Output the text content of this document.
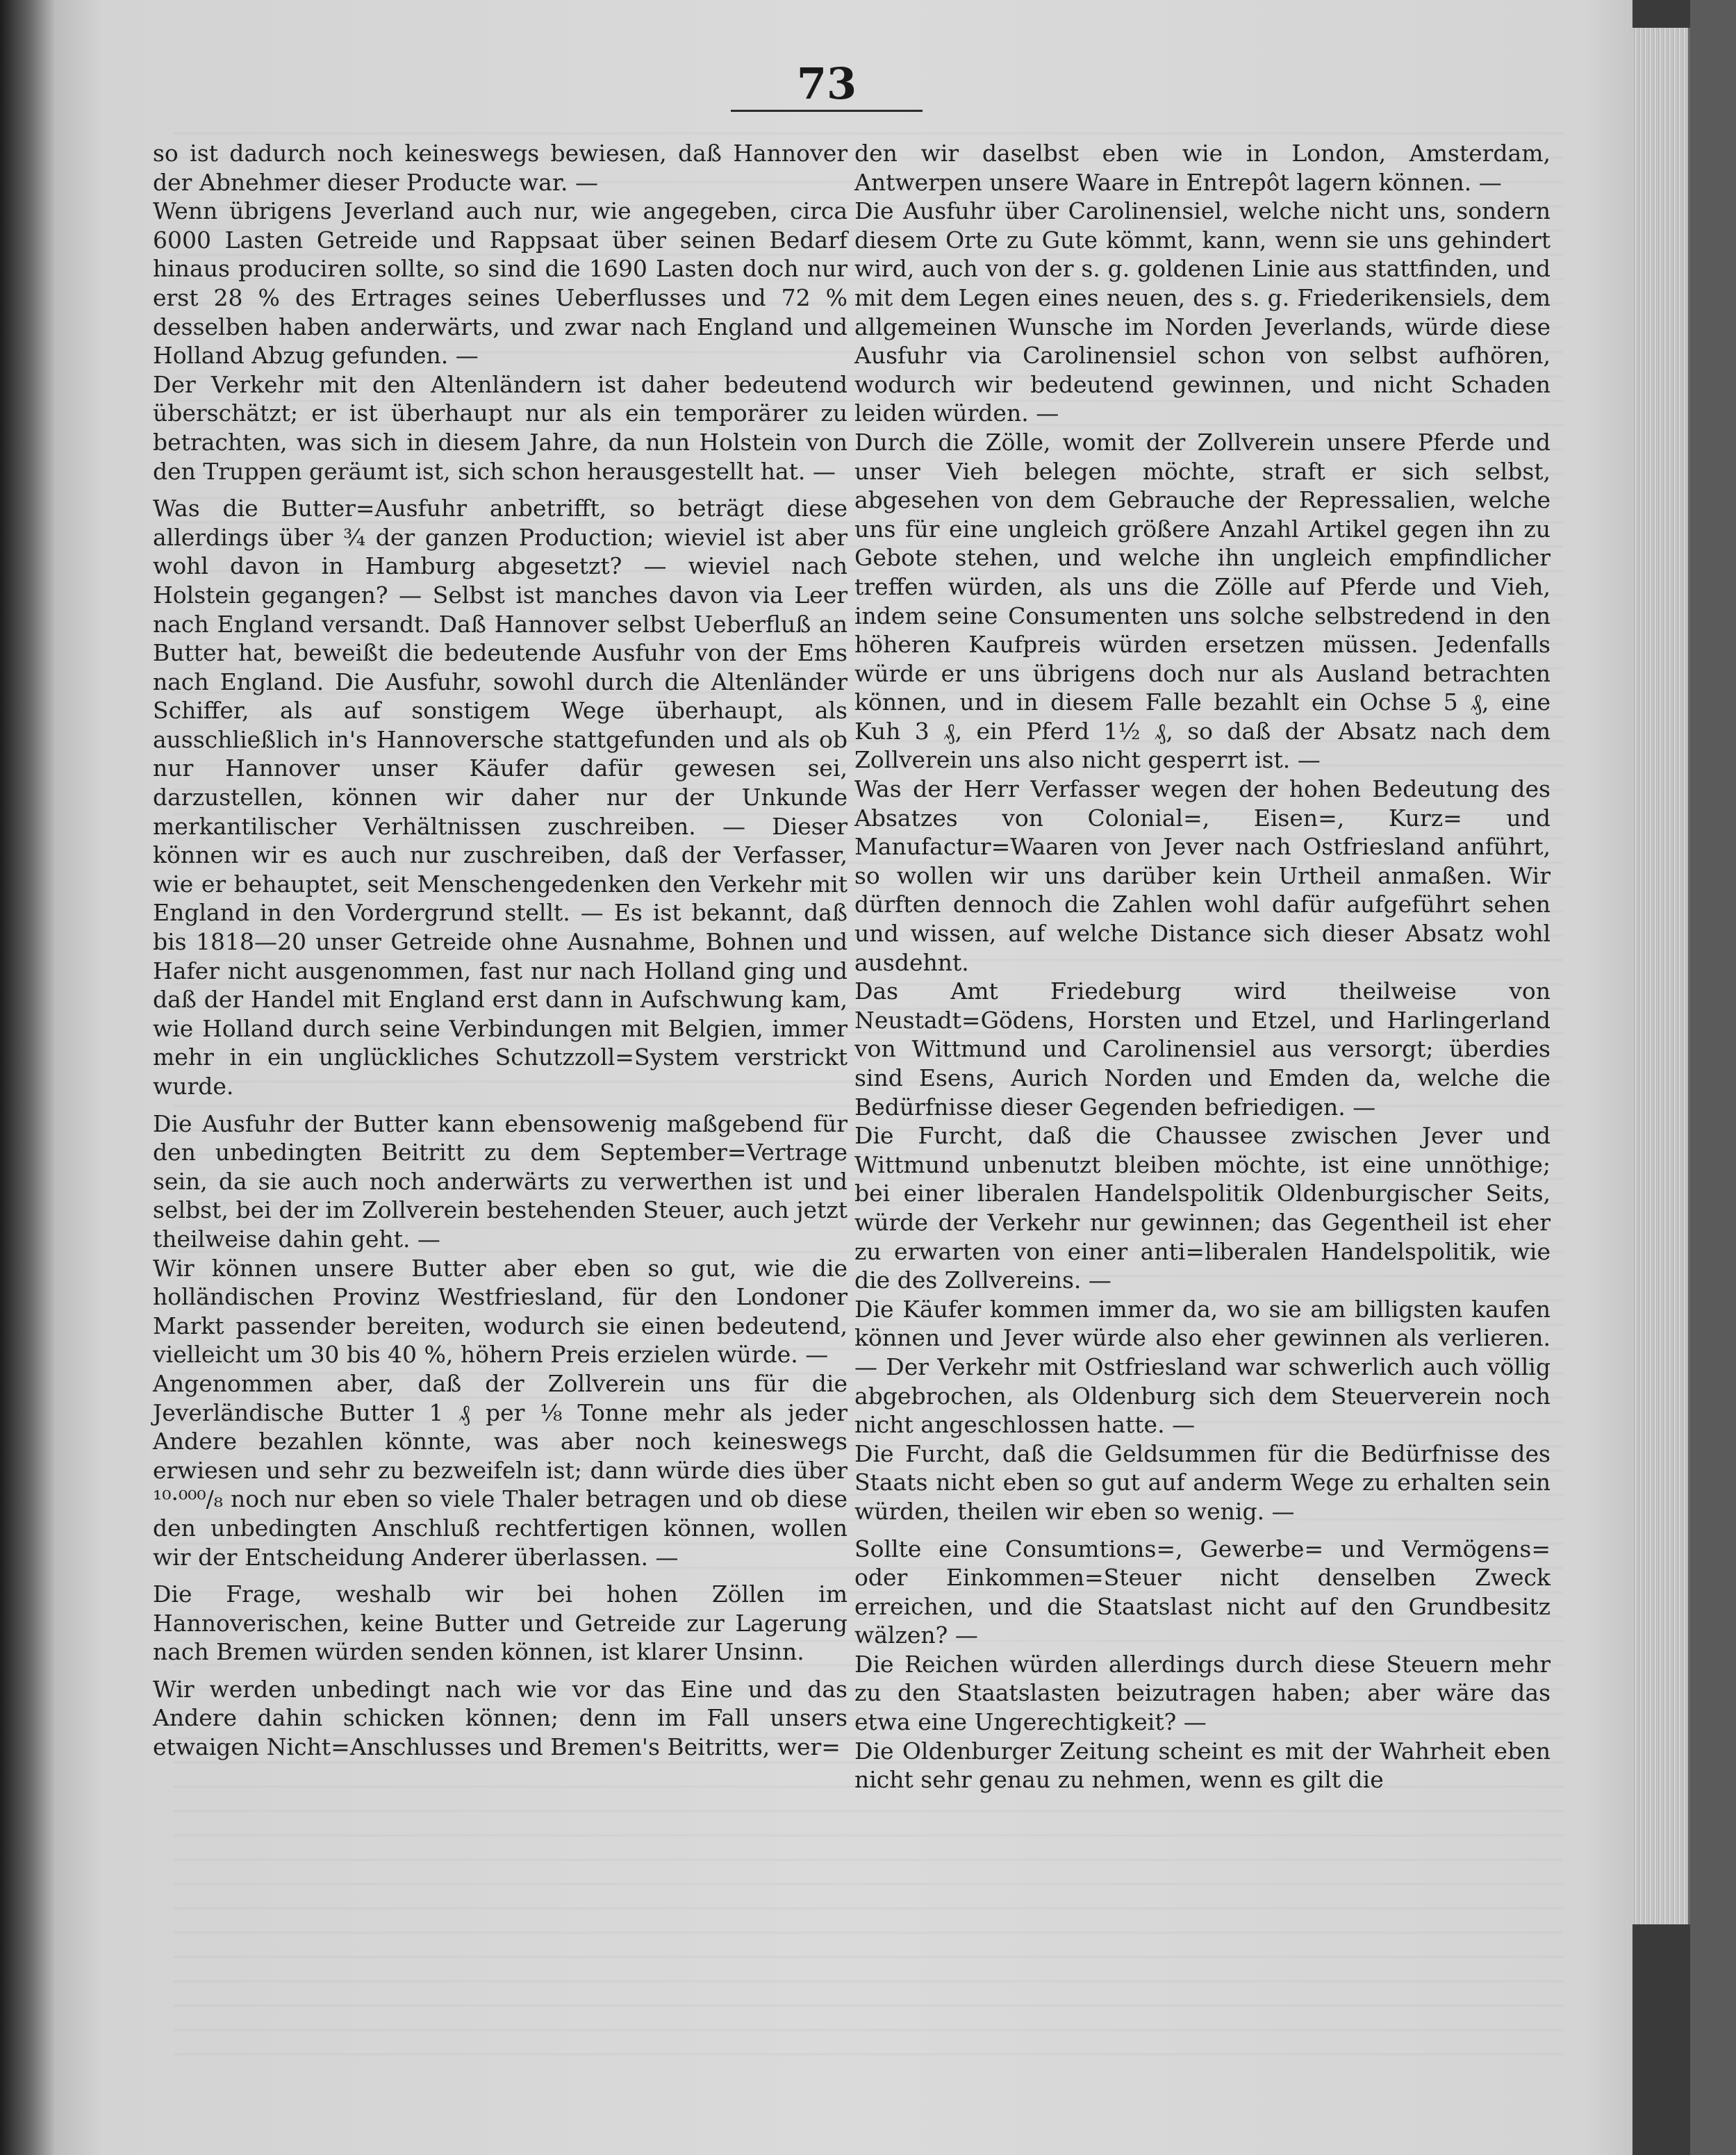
73

so ist dadurch noch keineswegs bewiesen, daß Hannover der Abnehmer dieser Producte war. —

Wenn übrigens Jeverland auch nur, wie angegeben, circa 6000 Lasten Getreide und Rappsaat über seinen Bedarf hinaus produciren sollte, so sind die 1690 Lasten doch nur erst 28 % des Ertrages seines Ueberflusses und 72 % desselben haben anderwärts, und zwar nach England und Holland Abzug gefunden. —

Der Verkehr mit den Altenländern ist daher bedeutend überschätzt; er ist überhaupt nur als ein temporärer zu betrachten, was sich in diesem Jahre, da nun Holstein von den Truppen geräumt ist, sich schon herausgestellt hat. —

Was die Butter=Ausfuhr anbetrifft, so beträgt diese allerdings über ¾ der ganzen Production; wieviel ist aber wohl davon in Hamburg abgesetzt? — wieviel nach Holstein gegangen? — Selbst ist manches davon via Leer nach England versandt. Daß Hannover selbst Ueberfluß an Butter hat, beweißt die bedeutende Ausfuhr von der Ems nach England. Die Ausfuhr, sowohl durch die Altenländer Schiffer, als auf sonstigem Wege überhaupt, als ausschließlich in's Hannoversche stattgefunden und als ob nur Hannover unser Käufer dafür gewesen sei, darzustellen, können wir daher nur der Unkunde merkantilischer Verhältnissen zuschreiben. — Dieser können wir es auch nur zuschreiben, daß der Verfasser, wie er behauptet, seit Menschengedenken den Verkehr mit England in den Vordergrund stellt. — Es ist bekannt, daß bis 1818—20 unser Getreide ohne Ausnahme, Bohnen und Hafer nicht ausgenommen, fast nur nach Holland ging und daß der Handel mit England erst dann in Aufschwung kam, wie Holland durch seine Verbindungen mit Belgien, immer mehr in ein unglückliches Schutzzoll=System verstrickt wurde.

Die Ausfuhr der Butter kann ebensowenig maßgebend für den unbedingten Beitritt zu dem September=Vertrage sein, da sie auch noch anderwärts zu verwerthen ist und selbst, bei der im Zollverein bestehenden Steuer, auch jetzt theilweise dahin geht. —

Wir können unsere Butter aber eben so gut, wie die holländischen Provinz Westfriesland, für den Londoner Markt passender bereiten, wodurch sie einen bedeutend, vielleicht um 30 bis 40 %, höhern Preis erzielen würde. —

Angenommen aber, daß der Zollverein uns für die Jeverländische Butter 1 ₰ per ⅛ Tonne mehr als jeder Andere bezahlen könnte, was aber noch keineswegs erwiesen und sehr zu bezweifeln ist; dann würde dies über ¹⁰·⁰⁰⁰/₈ noch nur eben so viele Thaler betragen und ob diese den unbedingten Anschluß rechtfertigen können, wollen wir der Entscheidung Anderer überlassen. —

Die Frage, weshalb wir bei hohen Zöllen im Hannoverischen, keine Butter und Getreide zur Lagerung nach Bremen würden senden können, ist klarer Unsinn.

Wir werden unbedingt nach wie vor das Eine und das Andere dahin schicken können; denn im Fall unsers etwaigen Nicht=Anschlusses und Bremen's Beitritts, wer=

den wir daselbst eben wie in London, Amsterdam, Antwerpen unsere Waare in Entrepôt lagern können. —

Die Ausfuhr über Carolinensiel, welche nicht uns, sondern diesem Orte zu Gute kömmt, kann, wenn sie uns gehindert wird, auch von der s. g. goldenen Linie aus stattfinden, und mit dem Legen eines neuen, des s. g. Friederikensiels, dem allgemeinen Wunsche im Norden Jeverlands, würde diese Ausfuhr via Carolinensiel schon von selbst aufhören, wodurch wir bedeutend gewinnen, und nicht Schaden leiden würden. —

Durch die Zölle, womit der Zollverein unsere Pferde und unser Vieh belegen möchte, straft er sich selbst, abgesehen von dem Gebrauche der Repressalien, welche uns für eine ungleich größere Anzahl Artikel gegen ihn zu Gebote stehen, und welche ihn ungleich empfindlicher treffen würden, als uns die Zölle auf Pferde und Vieh, indem seine Consumenten uns solche selbstredend in den höheren Kaufpreis würden ersetzen müssen. Jedenfalls würde er uns übrigens doch nur als Ausland betrachten können, und in diesem Falle bezahlt ein Ochse 5 ₰, eine Kuh 3 ₰, ein Pferd 1½ ₰, so daß der Absatz nach dem Zollverein uns also nicht gesperrt ist. —

Was der Herr Verfasser wegen der hohen Bedeutung des Absatzes von Colonial=, Eisen=, Kurz= und Manufactur=Waaren von Jever nach Ostfriesland anführt, so wollen wir uns darüber kein Urtheil anmaßen. Wir dürften dennoch die Zahlen wohl dafür aufgeführt sehen und wissen, auf welche Distance sich dieser Absatz wohl ausdehnt.

Das Amt Friedeburg wird theilweise von Neustadt=Gödens, Horsten und Etzel, und Harlingerland von Wittmund und Carolinensiel aus versorgt; überdies sind Esens, Aurich Norden und Emden da, welche die Bedürfnisse dieser Gegenden befriedigen. —

Die Furcht, daß die Chaussee zwischen Jever und Wittmund unbenutzt bleiben möchte, ist eine unnöthige; bei einer liberalen Handelspolitik Oldenburgischer Seits, würde der Verkehr nur gewinnen; das Gegentheil ist eher zu erwarten von einer anti=liberalen Handelspolitik, wie die des Zollvereins. —

Die Käufer kommen immer da, wo sie am billigsten kaufen können und Jever würde also eher gewinnen als verlieren. — Der Verkehr mit Ostfriesland war schwerlich auch völlig abgebrochen, als Oldenburg sich dem Steuerverein noch nicht angeschlossen hatte. —

Die Furcht, daß die Geldsummen für die Bedürfnisse des Staats nicht eben so gut auf anderm Wege zu erhalten sein würden, theilen wir eben so wenig. —

Sollte eine Consumtions=, Gewerbe= und Vermögens= oder Einkommen=Steuer nicht denselben Zweck erreichen, und die Staatslast nicht auf den Grundbesitz wälzen? —

Die Reichen würden allerdings durch diese Steuern mehr zu den Staatslasten beizutragen haben; aber wäre das etwa eine Ungerechtigkeit? —

Die Oldenburger Zeitung scheint es mit der Wahrheit eben nicht sehr genau zu nehmen, wenn es gilt die
